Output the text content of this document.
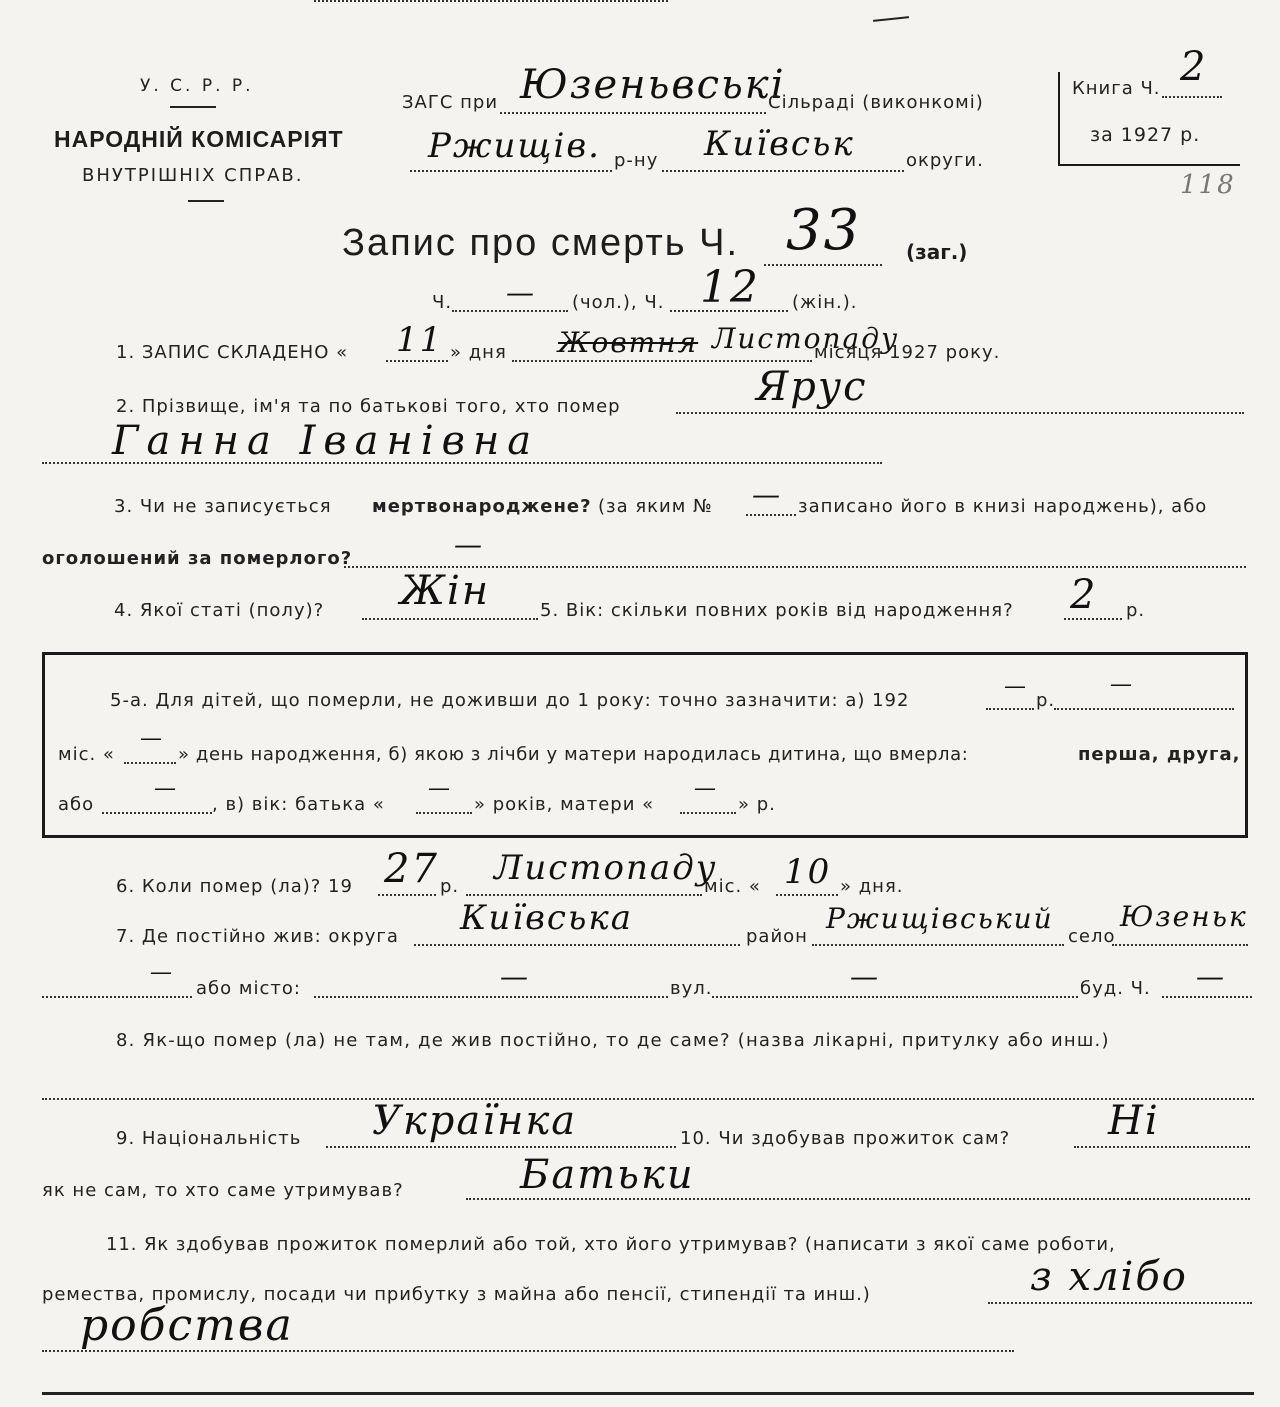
У. С. Р. Р.
НАРОДНІЙ КОМІСАРІЯТ
ВНУТРІШНІХ СПРАВ.
ЗАГС при Юзеньвські
Сільраді (виконкомі)
Ржищів. р-ну Київськ	округи.
Книга Ч. 2
за 1927 р.
118
Запис про смерть Ч. 33 (заг.)
Ч. — (чол.), Ч. 12 (жін.).
1. ЗАПИС СКЛАДЕНО « 11 » дня Жовтня Листопаду
місяця 1927 року.
2. Прізвище, ім'я та по батькові того, хто помер	Ярус
Ганна Іванівна
3. Чи не записується мертвонароджене? (за яким № — записано його в книзі народжень), або
оголошений за померлого?	—
4. Якої статі (полу)? Жін	5. Вік: скільки повних років від народження? 2 р.
5-а. Для дітей, що померли, не доживши до 1 року: точно зазначити: а) 192
—
р.
—
міс. «
—
» день народження, б) якою з лічби у матери народилась дитина, що вмерла:	перша, друга,
або
—
, в) вік: батька «
—
» років, матери «
—
» р.
6. Коли помер (ла)? 19 27 р. Листопаду
міс. « 10 » дня.
7. Де постійно жив: округа Київська	район
Ржищівський
село
Юзеньк
—
або місто:	—	вул.	—	буд. Ч. —
8. Як-що помер (ла) не там, де жив постійно, то де саме? (назва лікарні, притулку або инш.)
9. Національність Українка	10. Чи здобував прожиток сам? Ні
як не сам, то хто саме утримував?	Батьки
11. Як здобував прожиток померлий або той, хто його утримував? (написати з якої саме роботи,
ремества, промислу, посади чи прибутку з майна або пенсії, стипендії та инш.)	з хлібо
робства
